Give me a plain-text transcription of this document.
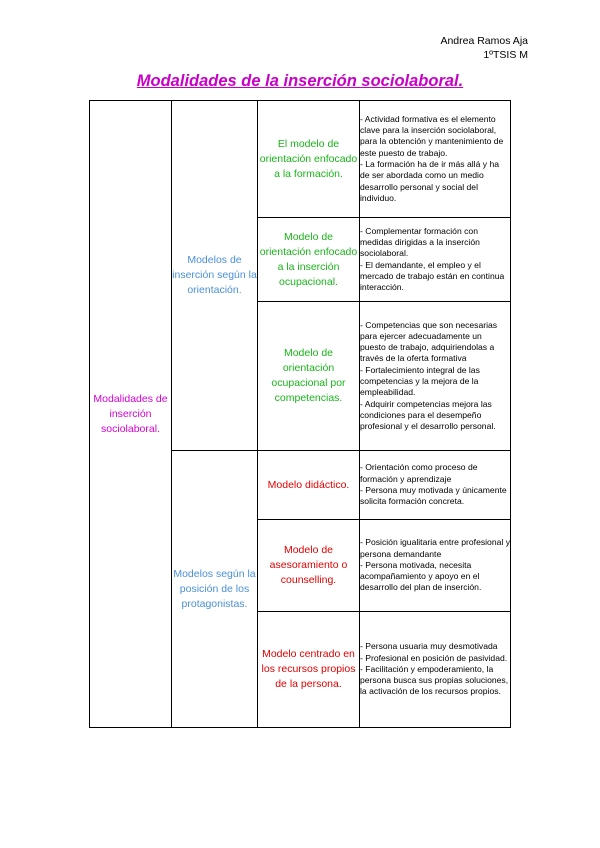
Andrea Ramos Aja
1ºTSIS M
Modalidades de la inserción sociolaboral.
Modalidades de inserción sociolaboral.	Modelos de inserción según la orientación.	El modelo de orientación enfocado a la formación.	- Actividad formativa es el elemento clave para la inserción sociolaboral, para la obtención y mantenimiento de este puesto de trabajo.
- La formación ha de ir más allá y ha de ser abordada como un medio desarrollo personal y social del individuo.

		Modelo de orientación enfocado a la inserción ocupacional.	- Complementar formación con medidas dirigidas a la inserción sociolaboral.
- El demandante, el empleo y el mercado de trabajo están en continua interacción.

		Modelo de orientación ocupacional por competencias.	- Competencias que son necesarias para ejercer adecuadamente un puesto de trabajo, adquiriendolas a través de la oferta formativa
- Fortalecimiento integral de las competencias y la mejora de la empleabilidad.
- Adquirir competencias mejora las condiciones para el desempeño profesional y el desarrollo personal.

	Modelos según la posición de los protagonistas.	Modelo didáctico.	- Orientación como proceso de formación y aprendizaje
- Persona muy motivada y únicamente solicita formación concreta.

		Modelo de asesoramiento o counselling.	- Posición igualitaria entre profesional y persona demandante
- Persona motivada, necesita acompañamiento y apoyo en el desarrollo del plan de inserción.

		Modelo centrado en los recursos propios de la persona.	- Persona usuaria muy desmotivada
- Profesional en posición de pasividad.
- Facilitación y empoderamiento, la persona busca sus propias soluciones, la activación de los recursos propios.
